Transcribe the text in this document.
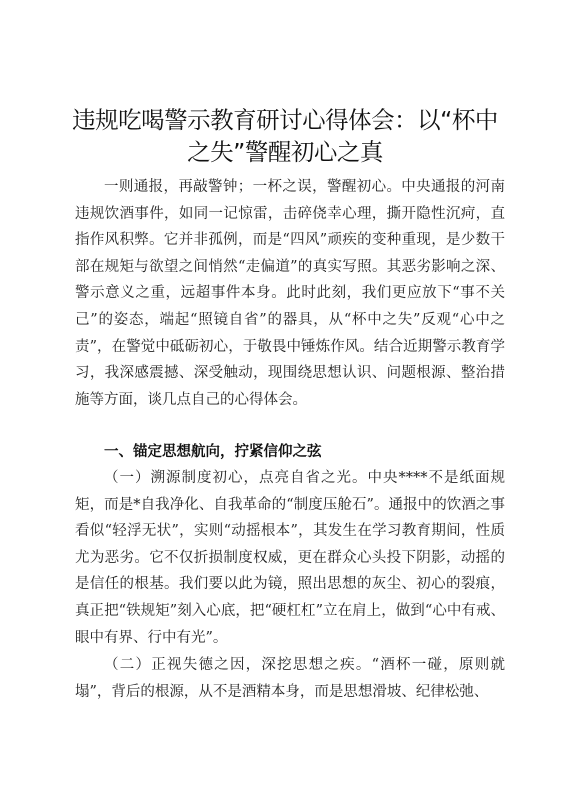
违规吃喝警示教育研讨心得体会：以“杯中之失”警醒初心之真

一则通报，再敲警钟；一杯之误，警醒初心。中央通报的河南违规饮酒事件，如同一记惊雷，击碎侥幸心理，撕开隐性沉疴，直指作风积弊。它并非孤例，而是“四风”顽疾的变种重现，是少数干部在规矩与欲望之间悄然“走偏道”的真实写照。其恶劣影响之深、警示意义之重，远超事件本身。此时此刻，我们更应放下“事不关己”的姿态，端起“照镜自省”的器具，从“杯中之失”反观“心中之责”，在警觉中砥砺初心，于敬畏中锤炼作风。结合近期警示教育学习，我深感震撼、深受触动，现围绕思想认识、问题根源、整治措施等方面，谈几点自己的心得体会。

一、锚定思想航向，拧紧信仰之弦

（一）溯源制度初心，点亮自省之光。中央****不是纸面规矩，而是*自我净化、自我革命的“制度压舱石”。通报中的饮酒之事看似“轻浮无状”，实则“动摇根本”，其发生在学习教育期间，性质尤为恶劣。它不仅折损制度权威，更在群众心头投下阴影，动摇的是信任的根基。我们要以此为镜，照出思想的灰尘、初心的裂痕，真正把“铁规矩”刻入心底，把“硬杠杠”立在肩上，做到“心中有戒、眼中有界、行中有光”。

（二）正视失德之因，深挖思想之疾。“酒杯一碰，原则就塌”，背后的根源，从不是酒精本身，而是思想滑坡、纪律松弛、
